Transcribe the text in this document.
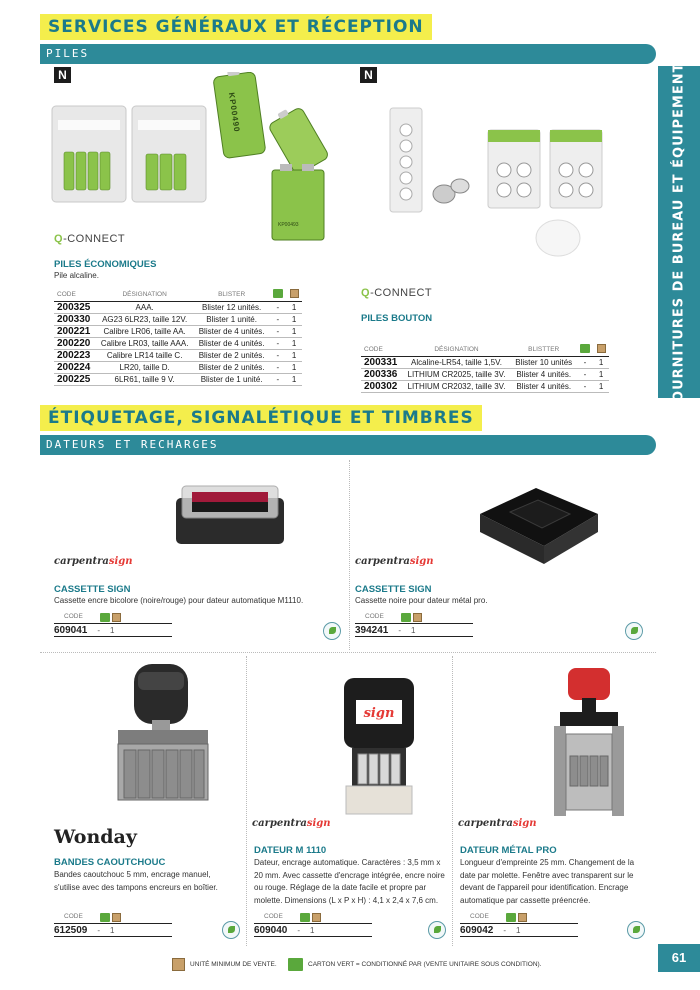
SERVICES GÉNÉRAUX ET RÉCEPTION
PILES	FOURNITURES DE BUREAU ET ÉQUIPEMENTS
N	N
KP00490
KP00493
Q-CONNECT
PILES ÉCONOMIQUES
Pile alcaline.
CODE	DÉSIGNATION	BLISTER		
200325	AAA.	Blister 12 unités.	-	1
200330	AG23 6LR23, taille 12V.	Blister 1 unité.	-	1
200221	Calibre LR06, taille AA.	Blister de 4 unités.	-	1
200220	Calibre LR03, taille AAA.	Blister de 4 unités.	-	1
200223	Calibre LR14 taille C.	Blister de 2 unités.	-	1
200224	LR20, taille D.	Blister de 2 unités.	-	1
200225	6LR61, taille 9 V.	Blister de 1 unité.	-	1
Q-CONNECT
PILES BOUTON
CODE	DÉSIGNATION	BLISTTER		
200331	Alcaline-LR54, taille 1,5V.	Blister 10 unités	-	1
200336	LITHIUM CR2025, taille 3V.	Blister 4 unités.	-	1
200302	LITHIUM CR2032, taille 3V.	Blister 4 unités.	-	1
ÉTIQUETAGE, SIGNALÉTIQUE ET TIMBRES
DATEURS ET RECHARGES
carpentrasign
CASSETTE SIGN
Cassette encre bicolore (noire/rouge) pour dateur automatique M1110.
CODE

609041 - 1
carpentrasign
CASSETTE SIGN
Cassette noire pour dateur métal pro.
CODE

394241 - 1
Wonday
BANDES CAOUTCHOUC
Bandes caoutchouc 5 mm, encrage manuel, s'utilise avec des tampons encreurs en boîtier.
CODE

612509 - 1
sign
carpentrasign
DATEUR M 1110
Dateur, encrage automatique. Caractères : 3,5 mm x 20 mm. Avec cassette d'encrage intégrée, encre noire ou rouge. Réglage de la date facile et propre par molette. Dimensions (L x P x H) : 4,1 x 2,4 x 7,6 cm.
CODE

609040 - 1
carpentrasign
DATEUR MÉTAL PRO
Longueur d'empreinte 25 mm. Changement de la date par molette. Fenêtre avec transparent sur le devant de l'appareil pour identification. Encrage automatique par cassette préencrée.
CODE

609042 - 1
UNITÉ MINIMUM DE VENTE.	CARTON VERT = CONDITIONNÉ PAR (VENTE UNITAIRE SOUS CONDITION).	61
